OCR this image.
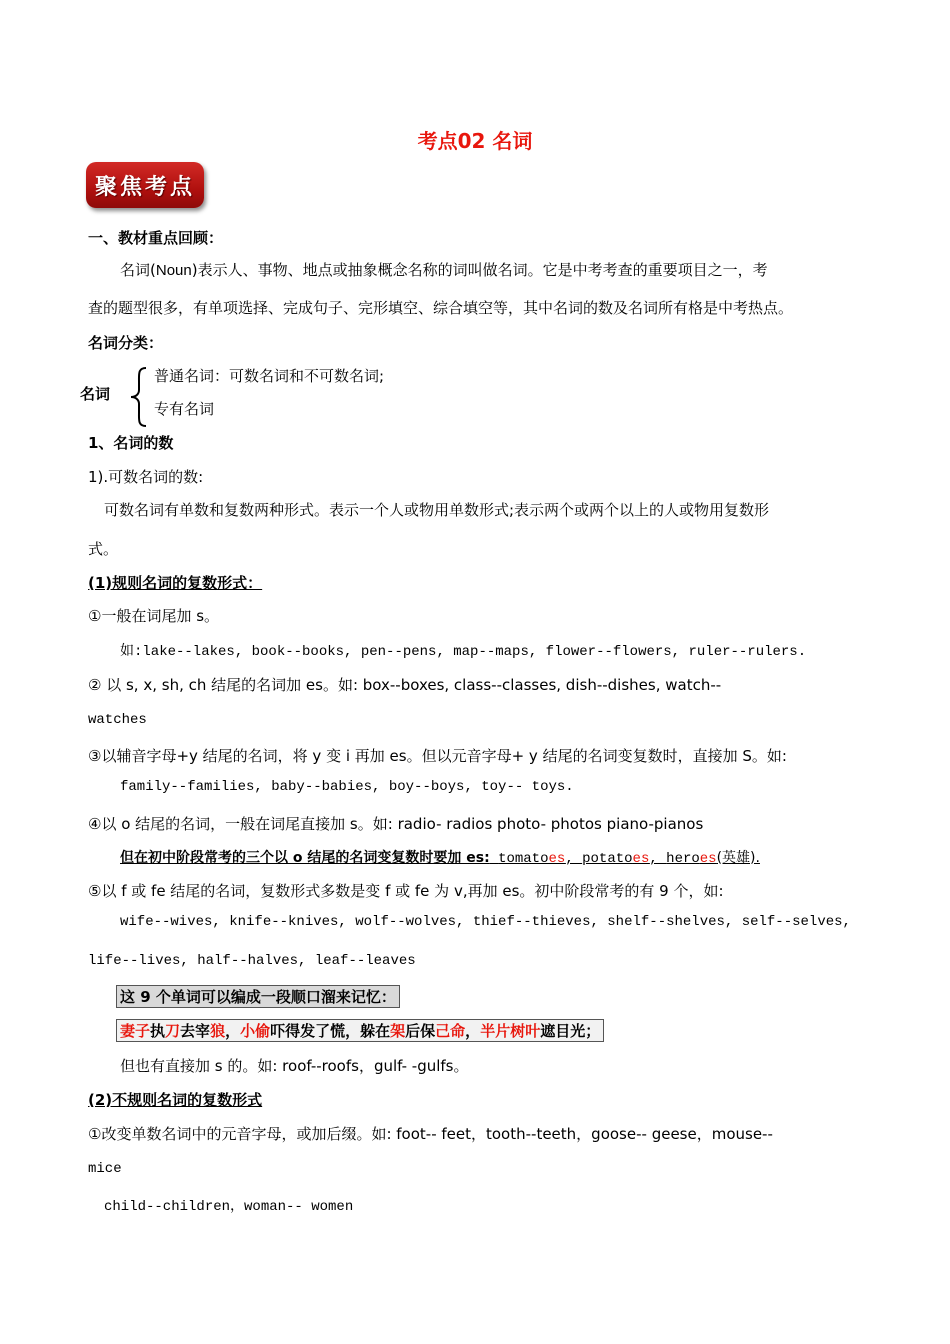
考点02 名词
聚焦考点
一、教材重点回顾：
名词(Noun)表示人、事物、地点或抽象概念名称的词叫做名词。它是中考考查的重要项目之一，考
查的题型很多，有单项选择、完成句子、完形填空、综合填空等，其中名词的数及名词所有格是中考热点。
名词分类：
名词
普通名词：可数名词和不可数名词;
专有名词
1、名词的数
1).可数名词的数:
可数名词有单数和复数两种形式。表示一个人或物用单数形式;表示两个或两个以上的人或物用复数形
式。
(1)规则名词的复数形式：
①一般在词尾加 s。
如:lake--lakes, book--books, pen--pens, map--maps, flower--flowers, ruler--rulers.
② 以 s, x, sh, ch 结尾的名词加 es。如: box--boxes, class--classes, dish--dishes, watch--
watches
③以辅音字母+y 结尾的名词，将 y 变 i 再加 es。但以元音字母+ y 结尾的名词变复数时，直接加 S。如:
family--families, baby--babies, boy--boys, toy-- toys.
④以 o 结尾的名词，一般在词尾直接加 s。如: radio- radios photo- photos piano-pianos
但在初中阶段常考的三个以 o 结尾的名词变复数时要加 es: tomatoes, potatoes, heroes(英雄).
⑤以 f 或 fe 结尾的名词，复数形式多数是变 f 或 fe 为 v,再加 es。初中阶段常考的有 9 个，如:
wife--wives, knife--knives, wolf--wolves, thief--thieves, shelf--shelves, self--selves,
life--lives, half--halves, leaf--leaves
这 9 个单词可以编成一段顺口溜来记忆：
妻子执刀去宰狼，小偷吓得发了慌，躲在架后保己命，半片树叶遮目光；
但也有直接加 s 的。如: roof--roofs，gulf- -gulfs。
(2)不规则名词的复数形式
①改变单数名词中的元音字母，或加后缀。如: foot-- feet，tooth--teeth，goose-- geese，mouse--
mice
child--children，woman-- women
